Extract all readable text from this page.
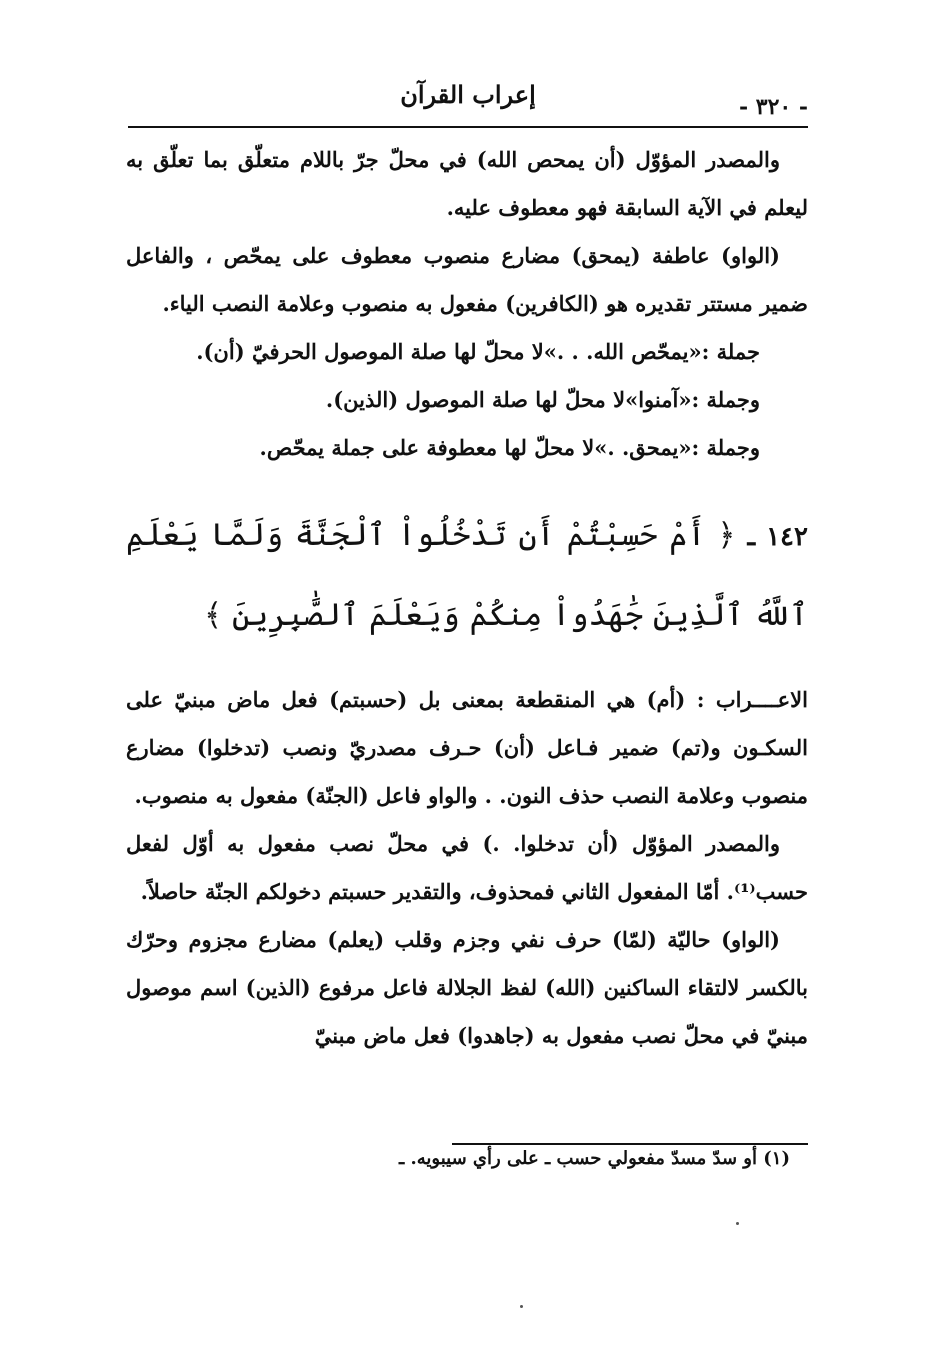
إعراب القرآن	- ٣٢٠ -

والمصدر المؤوّل (أن يمحص الله) في محلّ جرّ باللام متعلّق بما تعلّق به ليعلم في الآية السابقة فهو معطوف عليه.

(الواو) عاطفة (يمحق) مضارع منصوب معطوف على يمحّص ، والفاعل ضمير مستتر تقديره هو (الكافرين) مفعول به منصوب وعلامة النصب الياء.

جملة :«يمحّص الله. . .»لا محلّ لها صلة الموصول الحرفيّ (أن).

وجملة :«آمنوا»لا محلّ لها صلة الموصول (الذين).

وجملة :«يمحق. .»لا محلّ لها معطوفة على جملة يمحّص.

١٤٢ ـ ﴿ أَمْ حَسِبْتُمْ أَن تَدْخُلُواْ ٱلْجَنَّةَ وَلَمَّا يَعْلَمِ ٱللَّهُ ٱلَّذِينَ جَٰهَدُواْ مِنكُمْ وَيَعْلَمَ ٱلصَّٰبِرِينَ ﴾

الاعــــراب : (أم) هي المنقطعة بمعنى بل (حسبتم) فعل ماض مبنيّ على السكـون و(تم) ضمير فـاعل (أن) حـرف مصدريّ ونصب (تدخلوا) مضارع منصوب وعلامة النصب حذف النون. . والواو فاعل (الجنّة) مفعول به منصوب.

والمصدر المؤوّل (أن تدخلوا. .) في محلّ نصب مفعول به أوّل لفعل حسب⁽¹⁾. أمّا المفعول الثاني فمحذوف، والتقدير حسبتم دخولكم الجنّة حاصلاً.

(الواو) حاليّة (لمّا) حرف نفي وجزم وقلب (يعلم) مضارع مجزوم وحرّك بالكسر لالتقاء الساكنين (الله) لفظ الجلالة فاعل مرفوع (الذين) اسم موصول مبنيّ في محلّ نصب مفعول به (جاهدوا) فعل ماض مبنيّ

(١) أو سدّ مسدّ مفعولي حسب ـ على رأي سيبويه. ـ
